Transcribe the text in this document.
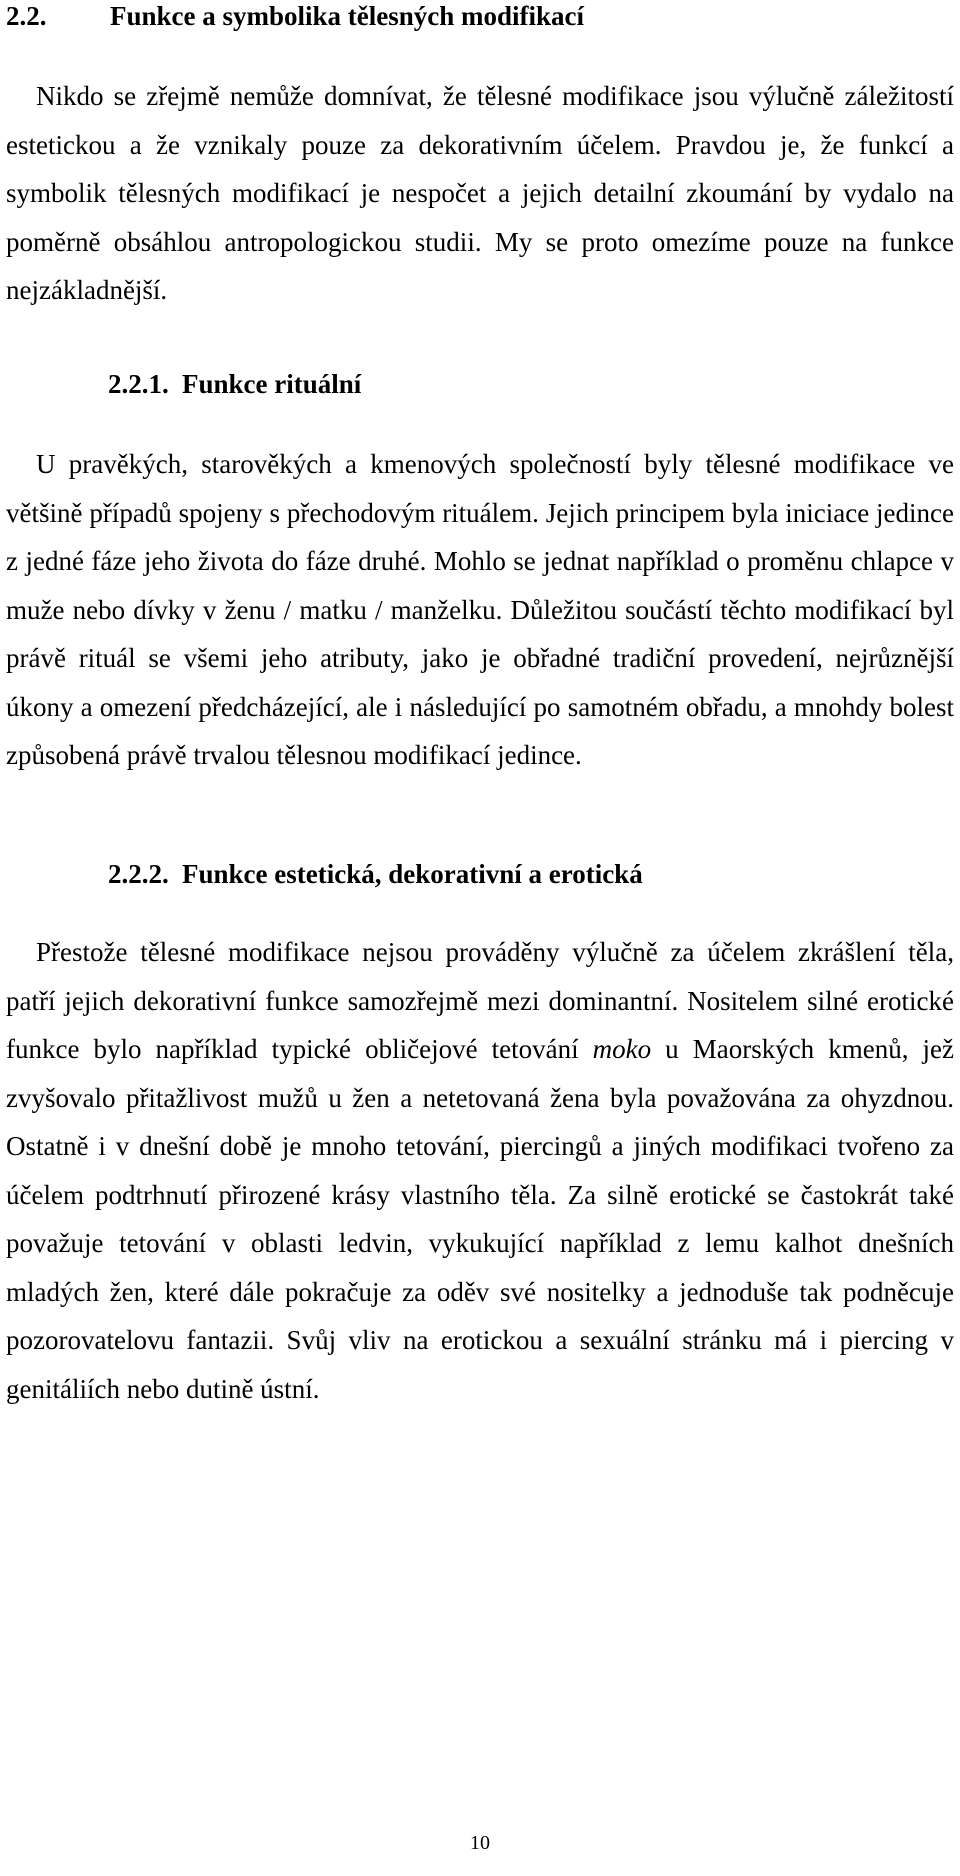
2.2. Funkce a symbolika tělesných modifikací

Nikdo se zřejmě nemůže domnívat, že tělesné modifikace jsou výlučně záležitostí estetickou a že vznikaly pouze za dekorativním účelem. Pravdou je, že funkcí a symbolik tělesných modifikací je nespočet a jejich detailní zkoumání by vydalo na poměrně obsáhlou antropologickou studii. My se proto omezíme pouze na funkce nejzákladnější.

2.2.1. Funkce rituální

U pravěkých, starověkých a kmenových společností byly tělesné modifikace ve většině případů spojeny s přechodovým rituálem. Jejich principem byla iniciace jedince z jedné fáze jeho života do fáze druhé. Mohlo se jednat například o proměnu chlapce v muže nebo dívky v ženu / matku / manželku. Důležitou součástí těchto modifikací byl právě rituál se všemi jeho atributy, jako je obřadné tradiční provedení, nejrůznější úkony a omezení předcházející, ale i následující po samotném obřadu, a mnohdy bolest způsobená právě trvalou tělesnou modifikací jedince.

2.2.2. Funkce estetická, dekorativní a erotická

Přestože tělesné modifikace nejsou prováděny výlučně za účelem zkrášlení těla, patří jejich dekorativní funkce samozřejmě mezi dominantní. Nositelem silné erotické funkce bylo například typické obličejové tetování moko u Maorských kmenů, jež zvyšovalo přitažlivost mužů u žen a netetovaná žena byla považována za ohyzdnou. Ostatně i v dnešní době je mnoho tetování, piercingů a jiných modifikaci tvořeno za účelem podtrhnutí přirozené krásy vlastního těla. Za silně erotické se častokrát také považuje tetování v oblasti ledvin, vykukující například z lemu kalhot dnešních mladých žen, které dále pokračuje za oděv své nositelky a jednoduše tak podněcuje pozorovatelovu fantazii. Svůj vliv na erotickou a sexuální stránku má i piercing v genitáliích nebo dutině ústní.

10
